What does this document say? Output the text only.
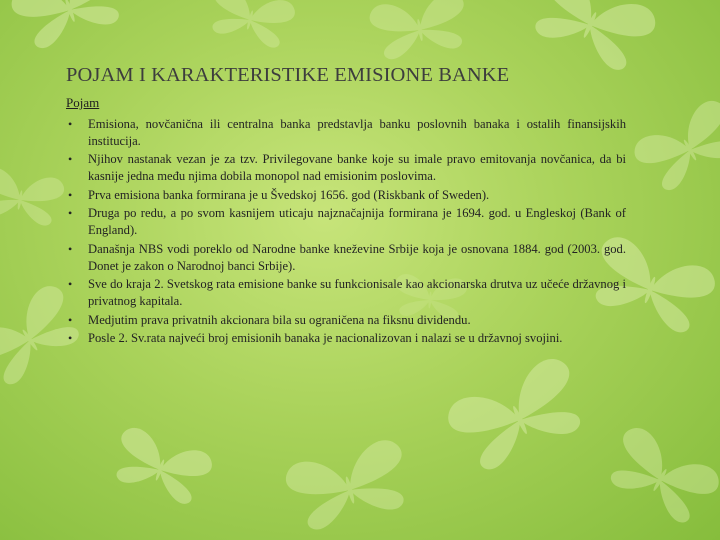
POJAM I KARAKTERISTIKE EMISIONE BANKE
Pojam
• Emisiona, novčanična ili centralna banka predstavlja banku poslovnih banaka i ostalih finansijskih institucija.
• Njihov nastanak vezan je za tzv. Privilegovane banke koje su imale pravo emitovanja novčanica, da bi kasnije jedna među njima dobila monopol nad emisionim poslovima.
• Prva emisiona banka formirana je u Švedskoj 1656. god (Riskbank of Sweden).
• Druga po redu, a po svom kasnijem uticaju najznačajnija formirana je 1694. god. u Engleskoj (Bank of England).
• Današnja NBS vodi poreklo od Narodne banke kneževine Srbije koja je osnovana 1884. god (2003. god. Donet je zakon o Narodnoj banci Srbije).
• Sve do kraja 2. Svetskog rata emisione banke su funkcionisale kao akcionarska drutva uz učeće državnog i privatnog kapitala.
• Medjutim prava privatnih akcionara bila su ograničena na fiksnu dividendu.
• Posle 2. Sv.rata najveći broj emisionih banaka je nacionalizovan i nalazi se u državnoj svojini.
